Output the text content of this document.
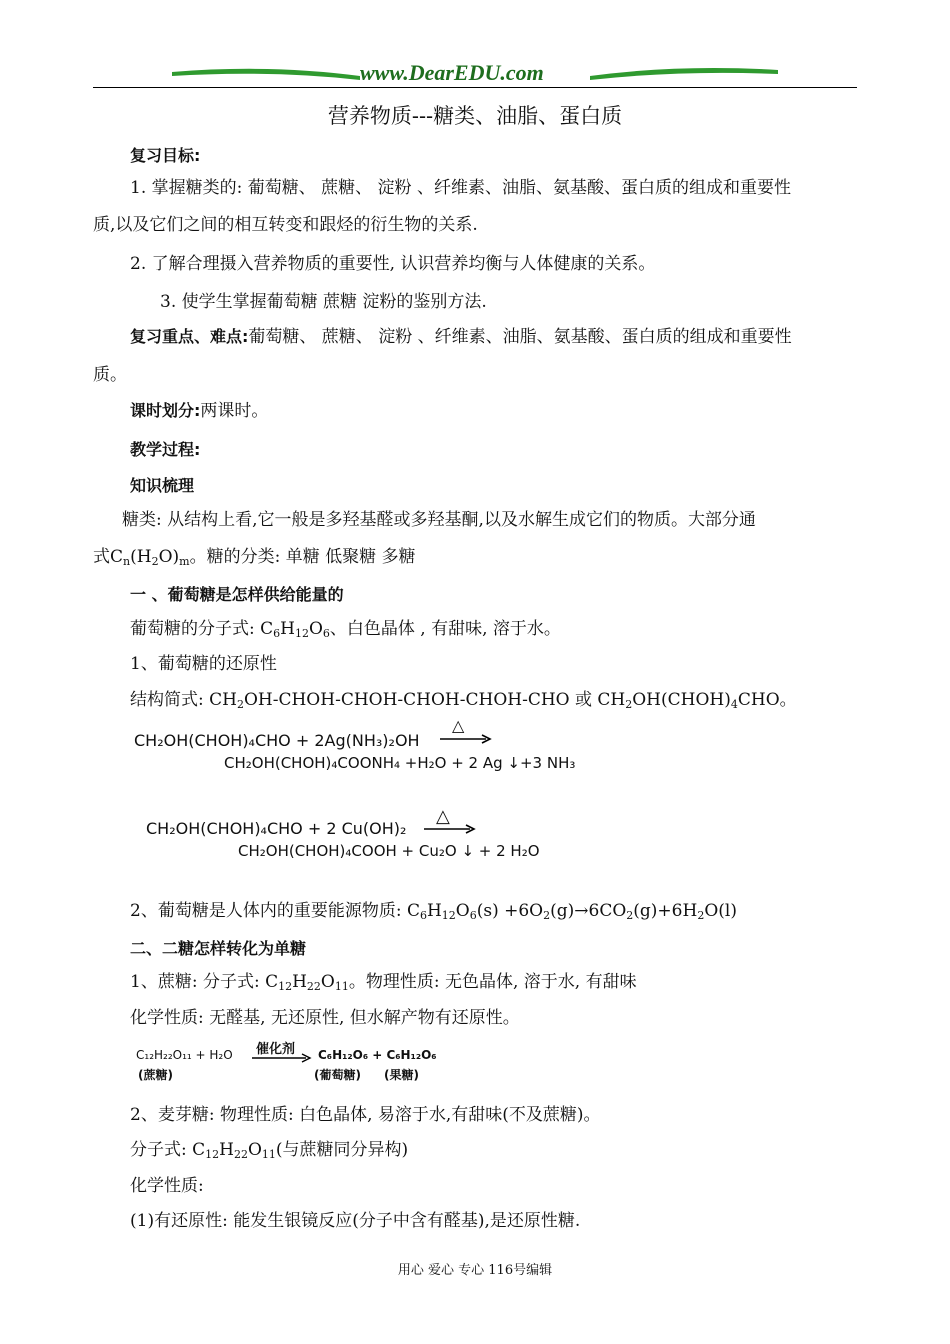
www.DearEDU.com
营养物质---糖类、油脂、蛋白质
复习目标:
1. 掌握糖类的: 葡萄糖、 蔗糖、 淀粉 、纤维素、油脂、氨基酸、蛋白质的组成和重要性
质,以及它们之间的相互转变和跟烃的衍生物的关系.
2. 了解合理摄入营养物质的重要性, 认识营养均衡与人体健康的关系。
3. 使学生掌握葡萄糖 蔗糖 淀粉的鉴别方法.
复习重点、难点:葡萄糖、 蔗糖、 淀粉 、纤维素、油脂、氨基酸、蛋白质的组成和重要性
质。
课时划分:两课时。
教学过程:
知识梳理
糖类: 从结构上看,它一般是多羟基醛或多羟基酮,以及水解生成它们的物质。大部分通
式$C_n(H_2O)_m$。糖的分类: 单糖 低聚糖 多糖
一 、葡萄糖是怎样供给能量的
葡萄糖的分子式: $C_6H_{12}O_6$、白色晶体 , 有甜味, 溶于水。
1、葡萄糖的还原性
结构简式: $CH_2OH-CHOH-CHOH-CHOH-CHOH$-CHO 或 $CH_2OH(CHOH)_4CHO$。
CH₂OH(CHOH)₄CHO + 2Ag(NH₃)₂OH
△
CH₂OH(CHOH)₄COONH₄ +H₂O + 2 Ag ↓+3 NH₃
CH₂OH(CHOH)₄CHO + 2 Cu(OH)₂
△
CH₂OH(CHOH)₄COOH + Cu₂O ↓ + 2 H₂O
2、葡萄糖是人体内的重要能源物质: $C_6H_{12}O_6(s) +6O_2(g)\to 6CO_2(g)+6H_2O(l)$
二、二糖怎样转化为单糖
1、蔗糖: 分子式: $C_{12}H_{22}O_{11}$。物理性质: 无色晶体, 溶于水, 有甜味
化学性质: 无醛基, 无还原性, 但水解产物有还原性。
C₁₂H₂₂O₁₁ + H₂O 催化剂 C₆H₁₂O₆ + C₆H₁₂O₆
(蔗糖)	(葡萄糖) (果糖)
2、麦芽糖: 物理性质: 白色晶体, 易溶于水,有甜味(不及蔗糖)。
分子式: $C_{12}H_{22}O_{11}$(与蔗糖同分异构)
化学性质:
(1)有还原性: 能发生银镜反应(分子中含有醛基),是还原性糖.
用心 爱心 专心 116号编辑
